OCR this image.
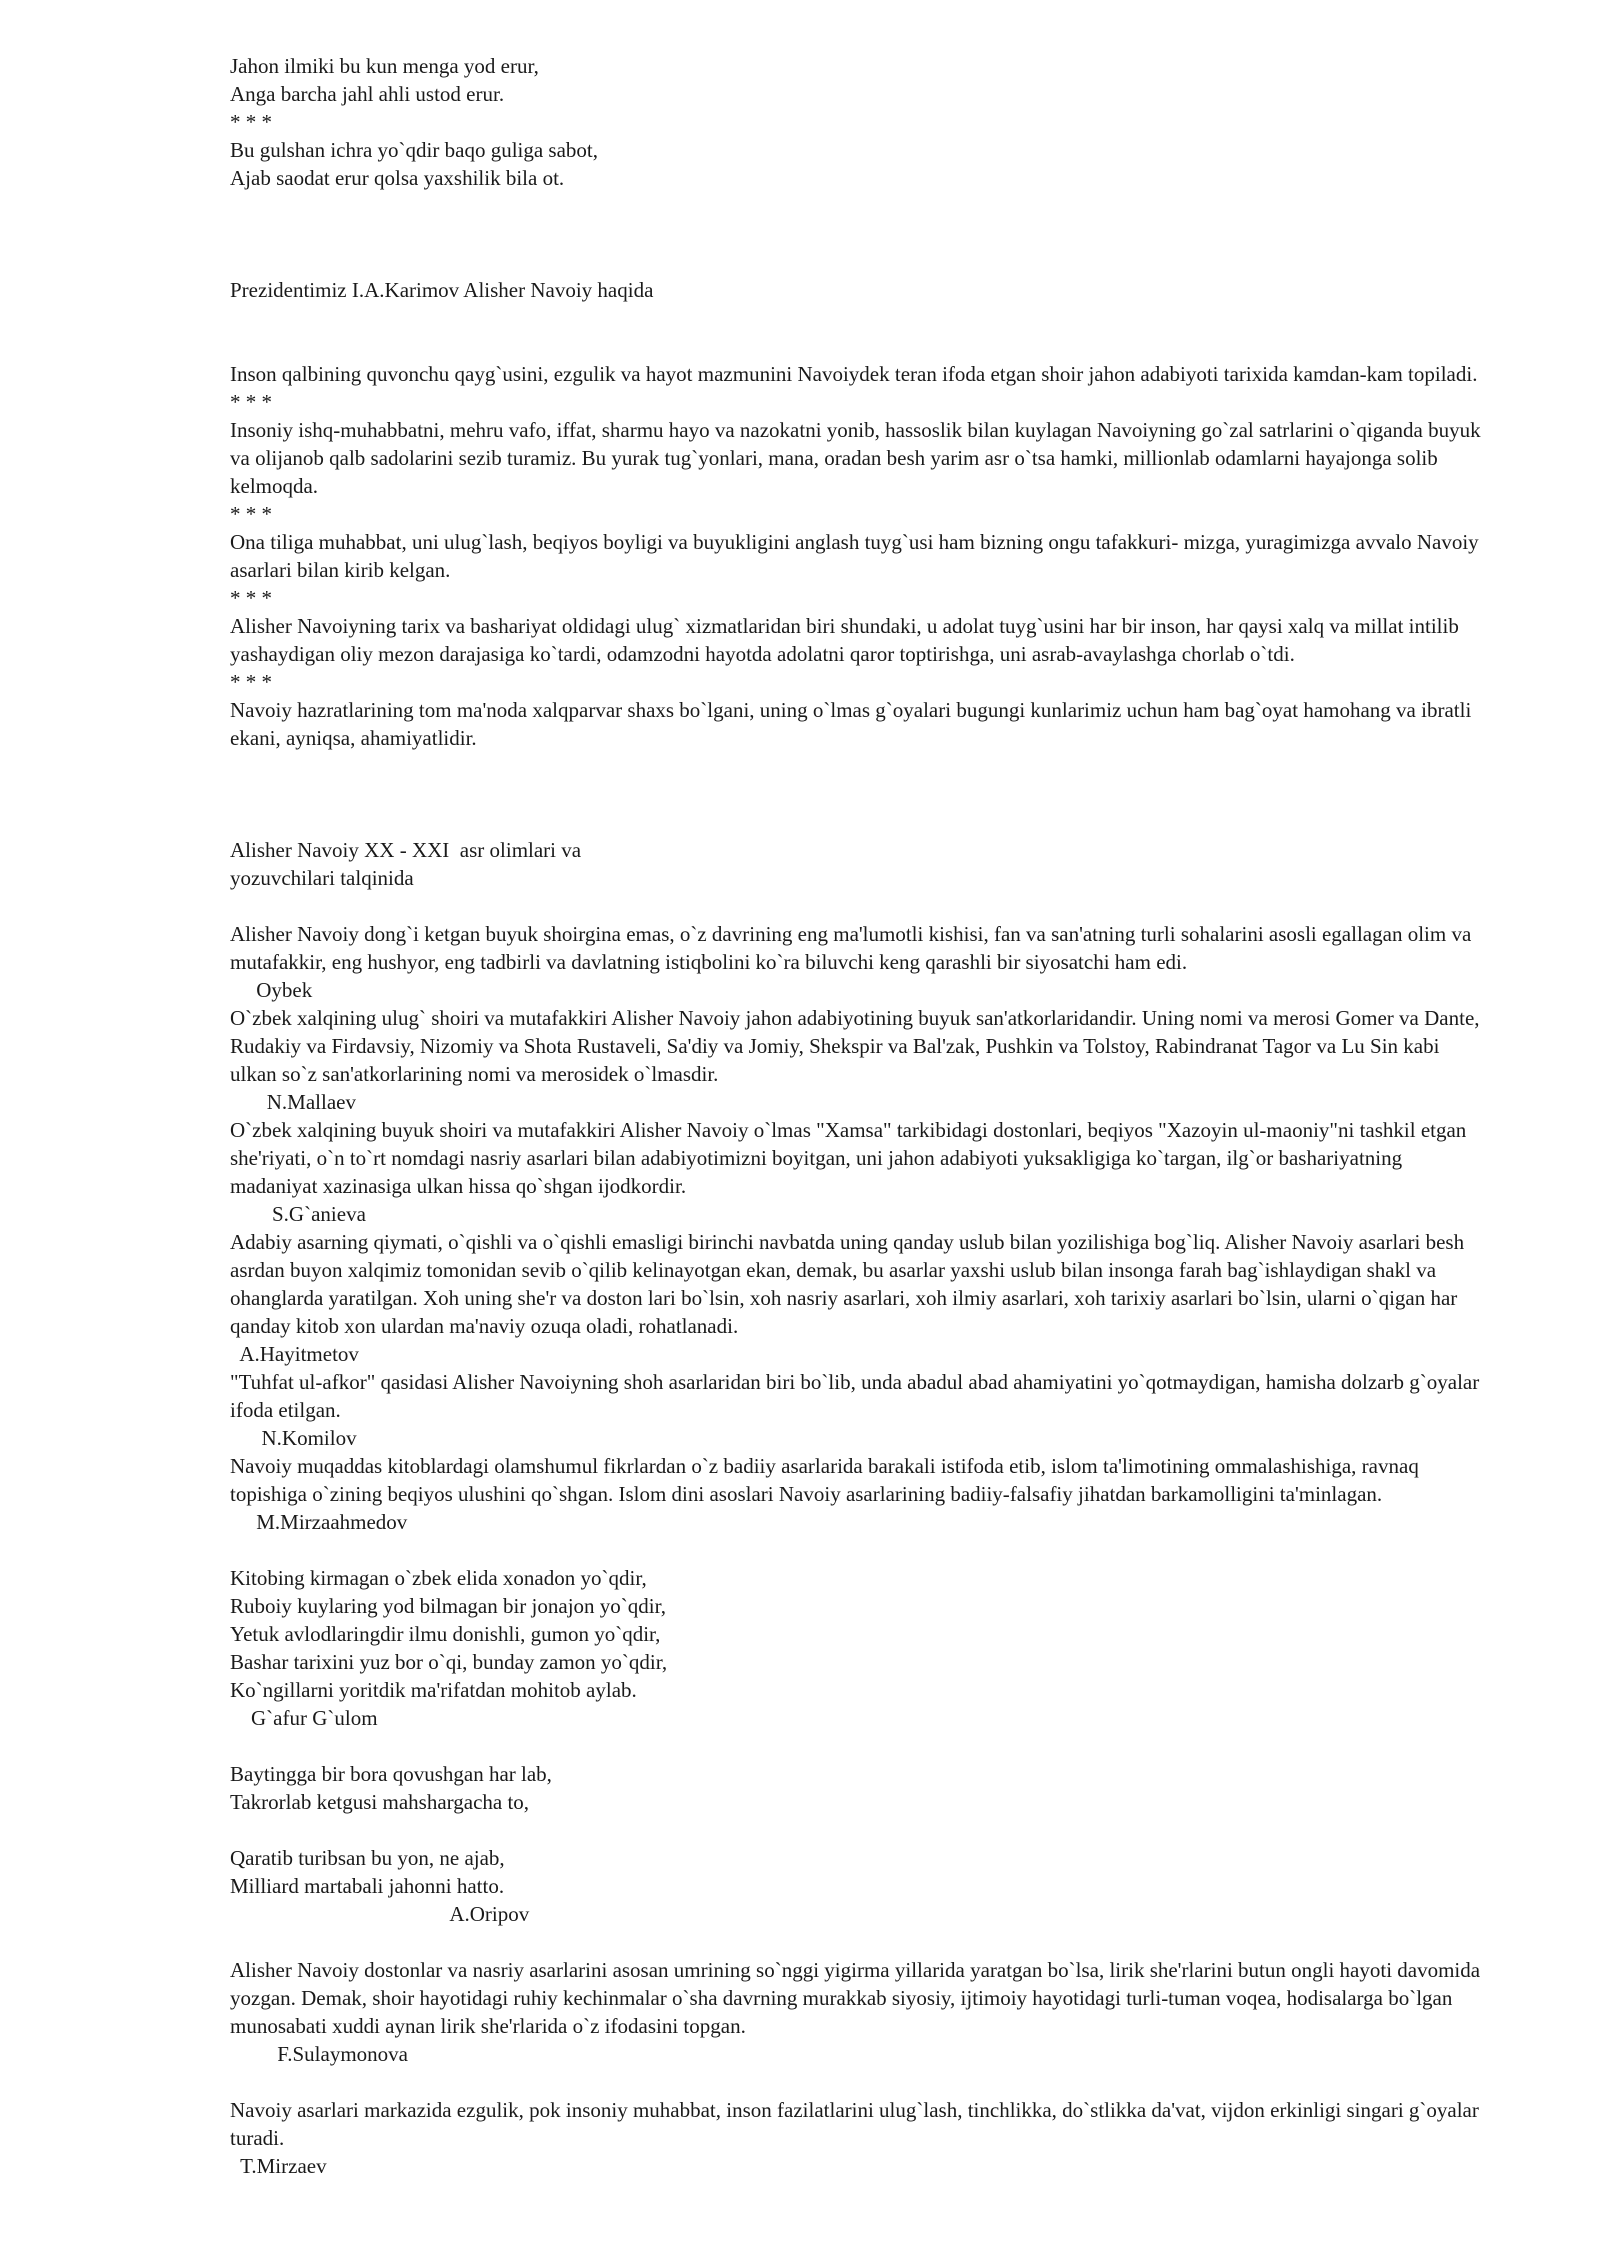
Jahon ilmiki bu kun menga yod erur,
Anga barcha jahl ahli ustod erur.
* * *
Bu gulshan ichra yo`qdir baqo guliga sabot,
Ajab saodat erur qolsa yaxshilik bila ot.
Prezidentimiz I.A.Karimov Alisher Navoiy haqida

Inson qalbining quvonchu qayg`usini, ezgulik va hayot mazmunini Navoiydek teran ifoda etgan shoir jahon adabiyoti tarixida kamdan-kam topiladi.

* * *

Insoniy ishq-muhabbatni, mehru vafo, iffat, sharmu hayo va nazokatni yonib, hassoslik bilan kuylagan Navoiyning go`zal satrlarini o`qiganda buyuk va olijanob qalb sadolarini sezib turamiz. Bu yurak tug`yonlari, mana, oradan besh yarim asr o`tsa hamki, millionlab odamlarni hayajonga solib kelmoqda.

* * *

Ona tiliga muhabbat, uni ulug`lash, beqiyos boyligi va buyukligini anglash tuyg`usi ham bizning ongu tafakkuri- mizga, yuragimizga avvalo Navoiy asarlari bilan kirib kelgan.

* * *

Alisher Navoiyning tarix va bashariyat oldidagi ulug` xizmatlaridan biri shundaki, u adolat tuyg`usini har bir inson, har qaysi xalq va millat intilib yashaydigan oliy mezon darajasiga ko`tardi, odamzodni hayotda adolatni qaror toptirishga, uni asrab-avaylashga chorlab o`tdi.

* * *

Navoiy hazratlarining tom ma'noda xalqparvar shaxs bo`lgani, uning o`lmas g`oyalari bugungi kunlarimiz uchun ham bag`oyat hamohang va ibratli ekani, ayniqsa, ahamiyatlidir.

Alisher Navoiy XX - XXI  asr olimlari va
yozuvchilari talqinida

Alisher Navoiy dong`i ketgan buyuk shoirgina emas, o`z davrining eng ma'lumotli kishisi, fan va san'atning turli sohalarini asosli egallagan olim va mutafakkir, eng hushyor, eng tadbirli va davlatning istiqbolini ko`ra biluvchi keng qarashli bir siyosatchi ham edi.

Oybek

O`zbek xalqining ulug` shoiri va mutafakkiri Alisher Navoiy jahon adabiyotining buyuk san'atkorlaridandir. Uning nomi va merosi Gomer va Dante, Rudakiy va Firdavsiy, Nizomiy va Shota Rustaveli, Sa'diy va Jomiy, Shekspir va Bal'zak, Pushkin va Tolstoy, Rabindranat Tagor va Lu Sin kabi ulkan so`z san'atkorlarining nomi va merosidek o`lmasdir.

N.Mallaev

O`zbek xalqining buyuk shoiri va mutafakkiri Alisher Navoiy o`lmas "Xamsa" tarkibidagi dostonlari, beqiyos "Xazoyin ul-maoniy"ni tashkil etgan she'riyati, o`n to`rt nomdagi nasriy asarlari bilan adabiyotimizni boyitgan, uni jahon adabiyoti yuksakligiga ko`targan, ilg`or bashariyatning madaniyat xazinasiga ulkan hissa qo`shgan ijodkordir.

S.G`anieva

Adabiy asarning qiymati, o`qishli va o`qishli emasligi birinchi navbatda uning qanday uslub bilan yozilishiga bog`liq. Alisher Navoiy asarlari besh asrdan buyon xalqimiz tomonidan sevib o`qilib kelinayotgan ekan, demak, bu asarlar yaxshi uslub bilan insonga farah bag`ishlaydigan shakl va ohanglarda yaratilgan. Xoh uning she'r va doston lari bo`lsin, xoh nasriy asarlari, xoh ilmiy asarlari, xoh tarixiy asarlari bo`lsin, ularni o`qigan har qanday kitob xon ulardan ma'naviy ozuqa oladi, rohatlanadi.

A.Hayitmetov

"Tuhfat ul-afkor" qasidasi Alisher Navoiyning shoh asarlaridan biri bo`lib, unda abadul abad ahamiyatini yo`qotmaydigan, hamisha dolzarb g`oyalar ifoda etilgan.

N.Komilov

Navoiy muqaddas kitoblardagi olamshumul fikrlardan o`z badiiy asarlarida barakali istifoda etib, islom ta'limotining ommalashishiga, ravnaq topishiga o`zining beqiyos ulushini qo`shgan. Islom dini asoslari Navoiy asarlarining badiiy-falsafiy jihatdan barkamolligini ta'minlagan.

M.Mirzaahmedov
Kitobing kirmagan o`zbek elida xonadon yo`qdir,
Ruboiy kuylaring yod bilmagan bir jonajon yo`qdir,
Yetuk avlodlaringdir ilmu donishli, gumon yo`qdir,
Bashar tarixini yuz bor o`qi, bunday zamon yo`qdir,
Ko`ngillarni yoritdik ma'rifatdan mohitob aylab.
G`afur G`ulom
Baytingga bir bora qovushgan har lab,
Takrorlab ketgusi mahshargacha to,
Qaratib turibsan bu yon, ne ajab,
Milliard martabali jahonni hatto.
A.Oripov

Alisher Navoiy dostonlar va nasriy asarlarini asosan umrining so`nggi yigirma yillarida yaratgan bo`lsa, lirik she'rlarini butun ongli hayoti davomida yozgan. Demak, shoir hayotidagi ruhiy kechinmalar o`sha davrning murakkab siyosiy, ijtimoiy hayotidagi turli-tuman voqea, hodisalarga bo`lgan munosabati xuddi aynan lirik she'rlarida o`z ifodasini topgan.

F.Sulaymonova

Navoiy asarlari markazida ezgulik, pok insoniy muhabbat, inson fazilatlarini ulug`lash, tinchlikka, do`stlikka da'vat, vijdon erkinligi singari g`oyalar turadi.

T.Mirzaev
